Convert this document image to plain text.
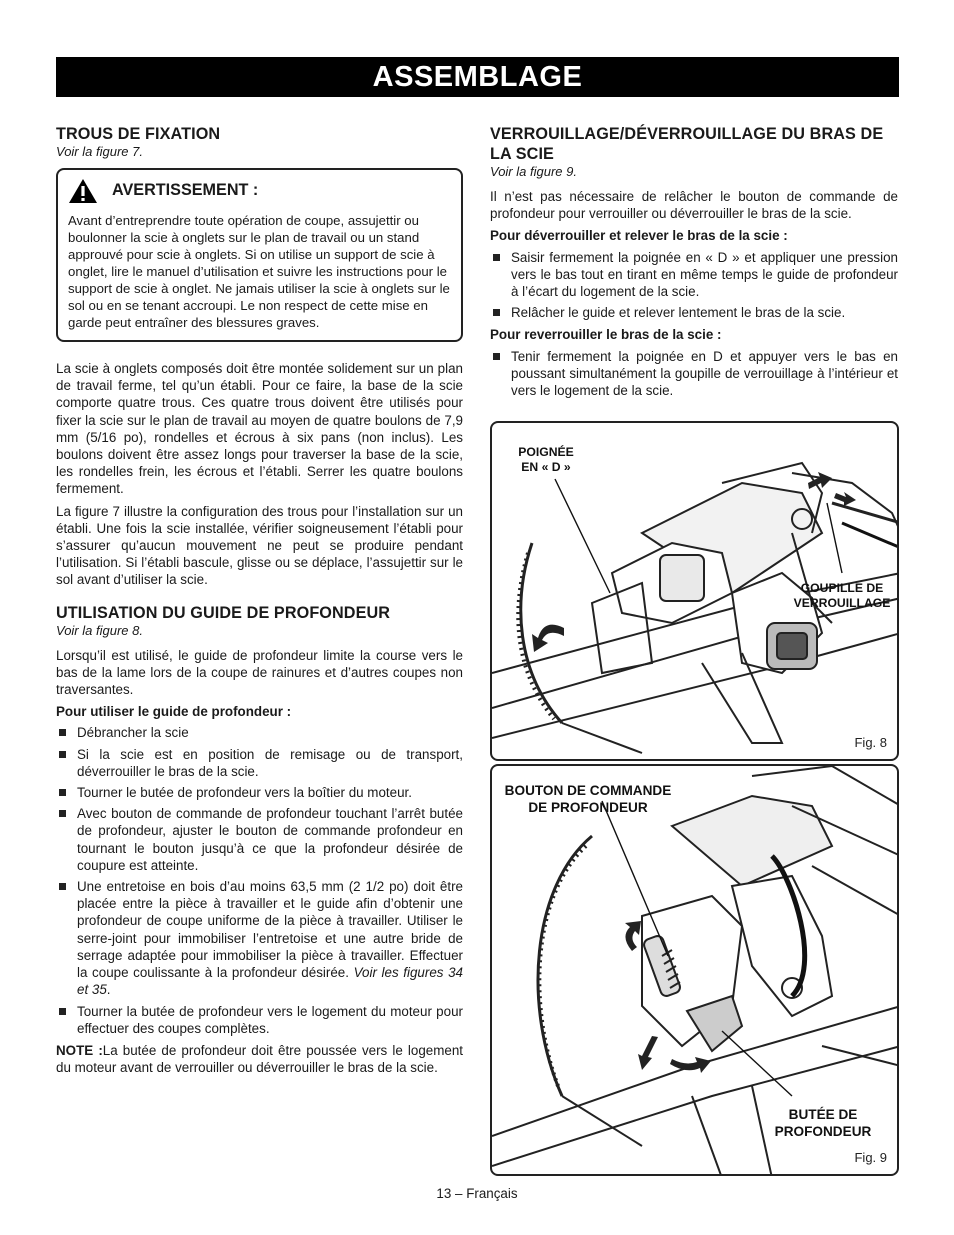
ASSEMBLAGE
TROUS DE FIXATION
Voir la figure 7.
AVERTISSEMENT :

Avant d’entreprendre toute opération de coupe, assujettir ou boulonner la scie à onglets sur le plan de travail ou un stand approuvé pour scie à onglets. Si on utilise un support de scie à onglet, lire le manuel d’utilisation et suivre les instructions pour le support de scie à onglet. Ne jamais utiliser la scie à onglets sur le sol ou en se tenant accroupi. Le non respect de cette mise en garde peut entraîner des blessures graves.

La scie à onglets composés doit être montée solidement sur un plan de travail ferme, tel qu’un établi. Pour ce faire, la base de la scie comporte quatre trous. Ces quatre trous doivent être utilisés pour fixer la scie sur le plan de travail au moyen de quatre boulons de 7,9 mm (5/16 po), rondelles et écrous à six pans (non inclus). Les boulons doivent être assez longs pour traverser la base de la scie, les rondelles frein, les écrous et l’établi. Serrer les quatre boulons fermement.

La figure 7 illustre la configuration des trous pour l’installation sur un établi. Une fois la scie installée, vérifier soigneusement l’établi pour s’assurer qu’aucun mouvement ne peut se produire pendant l’utilisation. Si l’établi bascule, glisse ou se déplace, l’assujettir sur le sol avant d’utiliser la scie.

UTILISATION DU GUIDE DE PROFONDEUR
Voir la figure 8.

Lorsqu’il est utilisé, le guide de profondeur limite la course vers le bas de la lame lors de la coupe de rainures et d’autres coupes non traversantes.

Pour utiliser le guide de profondeur :

Débrancher la scie
Si la scie est en position de remisage ou de transport, déverrouiller le bras de la scie.
Tourner le butée de profondeur vers la boîtier du moteur.
Avec bouton de commande de profondeur touchant l’arrêt butée de profondeur, ajuster le bouton de commande profondeur en tournant le bouton jusqu’à ce que la profondeur désirée de coupure est atteinte.
Une entretoise en bois d’au moins 63,5 mm (2 1/2 po) doit être placée entre la pièce à travailler et le guide afin d’obtenir une profondeur de coupe uniforme de la pièce à travailler. Utiliser le serre-joint pour immobiliser l’entretoise et une autre bride de serrage adaptée pour immobiliser la pièce à travailler. Effectuer la coupe coulissante à la profondeur désirée. Voir les figures 34 et 35.
Tourner la butée de profondeur vers le logement du moteur pour effectuer des coupes complètes.

NOTE :La butée de profondeur doit être poussée vers le logement du moteur avant de verrouiller ou déverrouiller le bras de la scie.

VERROUILLAGE/DÉVERROUILLAGE DU BRAS DE LA SCIE
Voir la figure 9.

Il n’est pas nécessaire de relâcher le bouton de commande de profondeur pour verrouiller ou déverrouiller le bras de la scie.

Pour déverrouiller et relever le bras de la scie :

Saisir fermement la poignée en « D » et appliquer une pression vers le bas tout en tirant en même temps le guide de profondeur à l’écart du logement de la scie.
Relâcher le guide et relever lentement le bras de la scie.

Pour reverrouiller le bras de la scie :

Tenir fermement la poignée en D et appuyer vers le bas en poussant simultanément la goupille de verrouillage à l’intérieur et vers le logement de la scie.
POIGNÉE
EN « D »
GOUPILLE DE
VERROUILLAGE
Fig. 8
BOUTON DE COMMANDE
DE PROFONDEUR
BUTÉE DE
PROFONDEUR
Fig. 9
13 – Français
